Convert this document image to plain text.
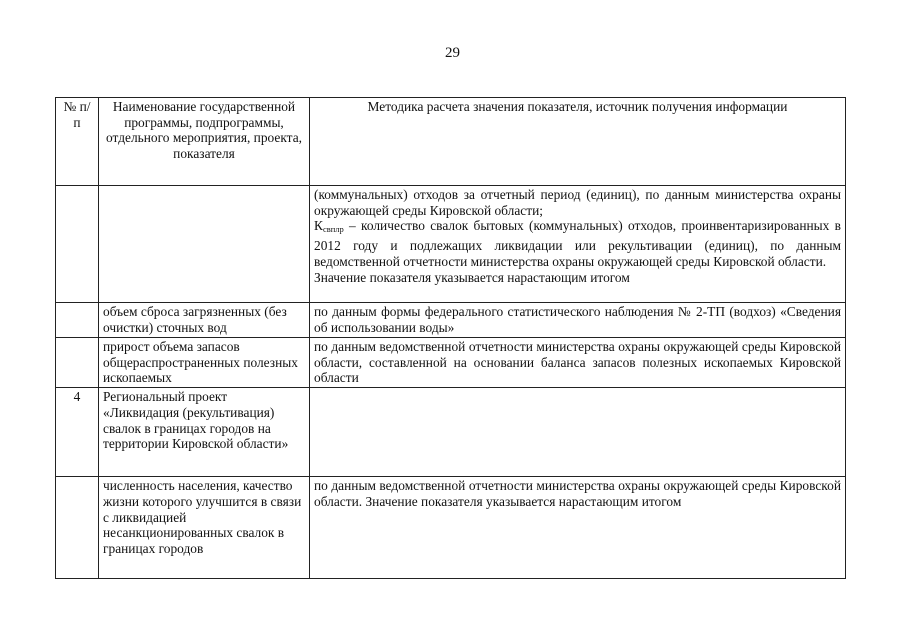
29
№ п/п	Наименование государственной программы, подпрограммы, отдельного мероприятия, проекта, показателя	Методика расчета значения показателя, источник получения информации
		(коммунальных) отходов за отчетный период (единиц), по данным министерства охраны окружающей среды Кировской области;
$К_{свплр}$ – количество свалок бытовых (коммунальных) отходов, проинвентаризированных в 2012 году и подлежащих ликвидации или рекультивации (единиц), по данным ведомственной отчетности министерства охраны окружающей среды Кировской области.
Значение показателя указывается нарастающим итогом
	объем сброса загрязненных (без очистки) сточных вод	по данным формы федерального статистического наблюдения № 2-ТП (водхоз) «Сведения об использовании воды»
	прирост объема запасов общераспространенных полезных ископаемых	по данным ведомственной отчетности министерства охраны окружающей среды Кировской области, составленной на основании баланса запасов полезных ископаемых Кировской области
4	Региональный проект «Ликвидация (рекультивация) свалок в границах городов на территории Кировской области»	
	численность населения, качество жизни которого улучшится в связи с ликвидацией несанкционированных свалок в границах городов	по данным ведомственной отчетности министерства охраны окружающей среды Кировской области. Значение показателя указывается нарастающим итогом
